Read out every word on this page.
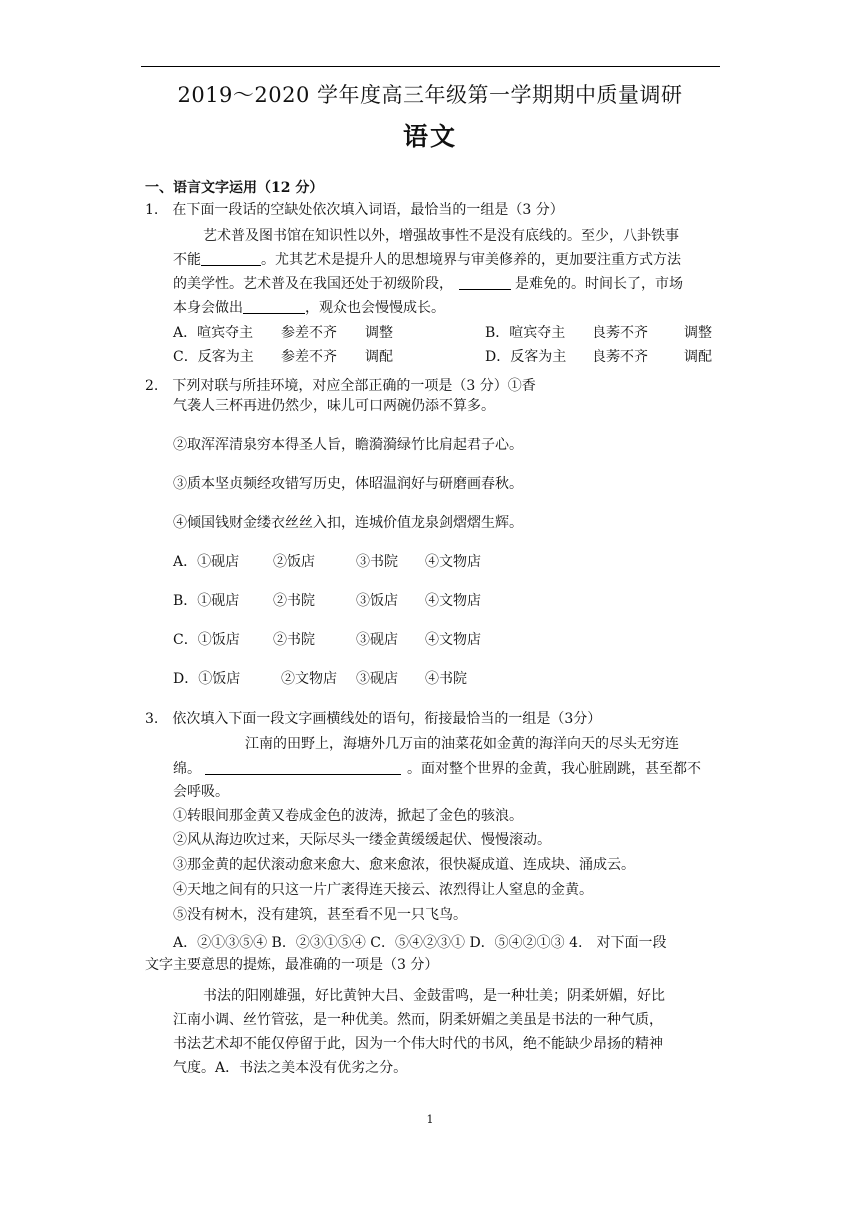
2019～2020 学年度高三年级第一学期期中质量调研
语文
一、语言文字运用（12 分）
1.　在下面一段话的空缺处依次填入词语，最恰当的一组是（3 分）
艺术普及图书馆在知识性以外，增强故事性不是没有底线的。至少，八卦铁事
不能	。尤其艺术是提升人的思想境界与审美修养的，更加要注重方式方法
的美学性。艺术普及在我国还处于初级阶段，	是难免的。时间长了，市场
本身会做出	，观众也会慢慢成长。
A．喧宾夺主 参差不齐 调整	B．喧宾夺主 良莠不齐	调整
C．反客为主 参差不齐 调配	D．反客为主 良莠不齐	调配
2.　下列对联与所挂环境，对应全部正确的一项是（3 分）①香
气袭人三杯再进仍然少，味儿可口两碗仍添不算多。
②取浑浑清泉穷本得圣人旨，瞻漪漪绿竹比肩起君子心。
③质本坚贞频经攻错写历史，体昭温润好与研磨画春秋。
④倾国钱财金缕衣丝丝入扣，连城价值龙泉剑熠熠生辉。
A．①砚店 ②饭店	③书院 ④文物店
B．①砚店 ②书院	③饭店 ④文物店
C．①饭店 ②书院	③砚店 ④文物店
D．①饭店	②文物店 ③砚店 ④书院
3.　依次填入下面一段文字画横线处的语句，衔接最恰当的一组是（3分）
江南的田野上，海塘外几万亩的油菜花如金黄的海洋向天的尽头无穷连
绵。	。面对整个世界的金黄，我心脏剧跳，甚至都不
会呼吸。
①转眼间那金黄又卷成金色的波涛，掀起了金色的骇浪。
②风从海边吹过来，天际尽头一缕金黄缓缓起伏、慢慢滚动。
③那金黄的起伏滚动愈来愈大、愈来愈浓，很快凝成道、连成块、涌成云。
④天地之间有的只这一片广袤得连天接云、浓烈得让人窒息的金黄。
⑤没有树木，没有建筑，甚至看不见一只飞鸟。
A．②①③⑤④ B．②③①⑤④ C．⑤④②③① D．⑤④②①③ 4.　对下面一段
文字主要意思的提炼，最准确的一项是（3 分）
书法的阳刚雄强，好比黄钟大吕、金鼓雷鸣，是一种壮美；阴柔妍媚，好比
江南小调、丝竹管弦，是一种优美。然而，阴柔妍媚之美虽是书法的一种气质，
书法艺术却不能仅停留于此，因为一个伟大时代的书风，绝不能缺少昂扬的精神
气度。A．书法之美本没有优劣之分。
1
